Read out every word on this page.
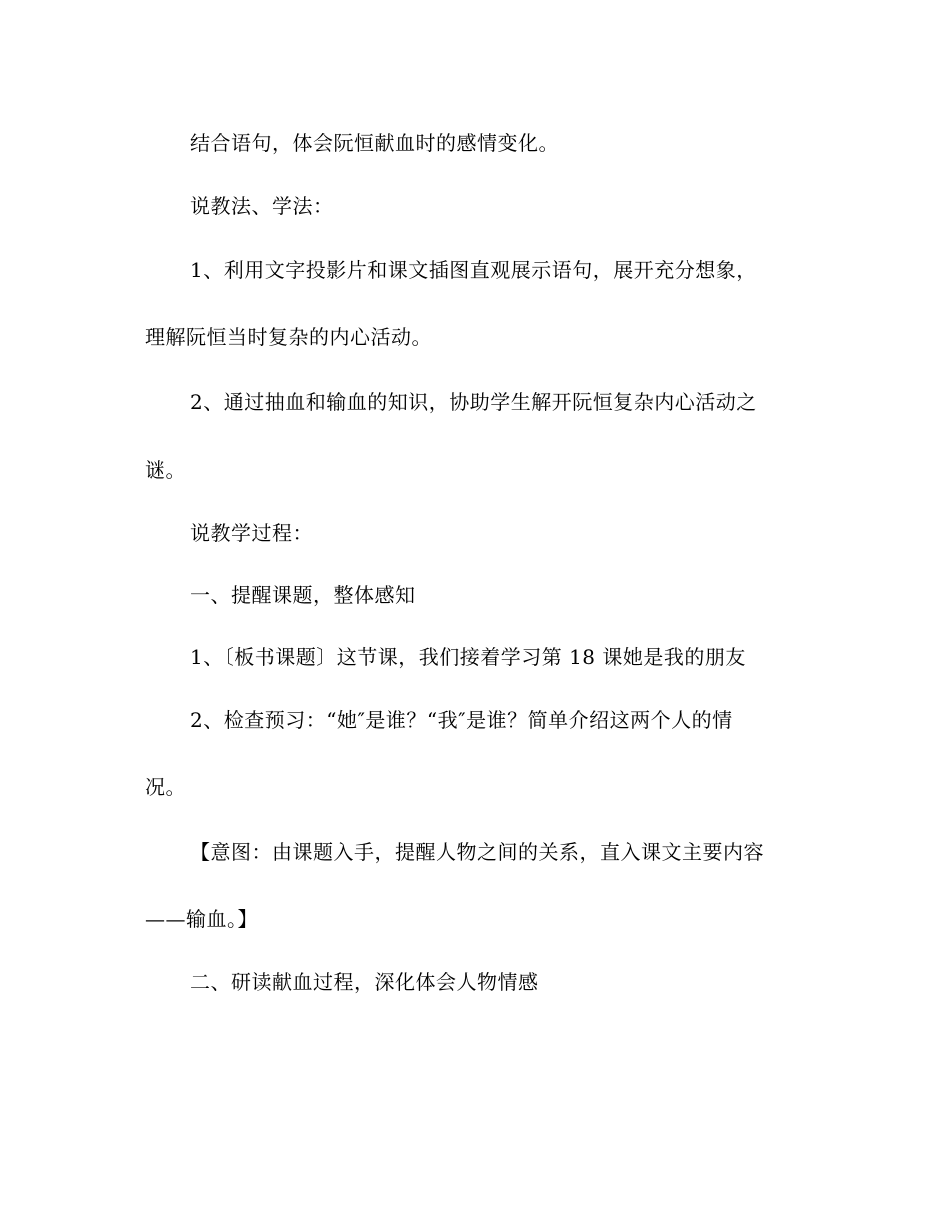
结合语句，体会阮恒献血时的感情变化。
说教法、学法：
1、利用文字投影片和课文插图直观展示语句，展开充分想象，
理解阮恒当时复杂的内心活动。
2、通过抽血和输血的知识，协助学生解开阮恒复杂内心活动之
谜。
说教学过程：
一、提醒课题，整体感知
1、〔板书课题〕这节课，我们接着学习第 18 课她是我的朋友
2、检查预习：“她″是谁？“我″是谁？简单介绍这两个人的情
况。
【意图：由课题入手，提醒人物之间的关系，直入课文主要内容
——输血。】
二、研读献血过程，深化体会人物情感
